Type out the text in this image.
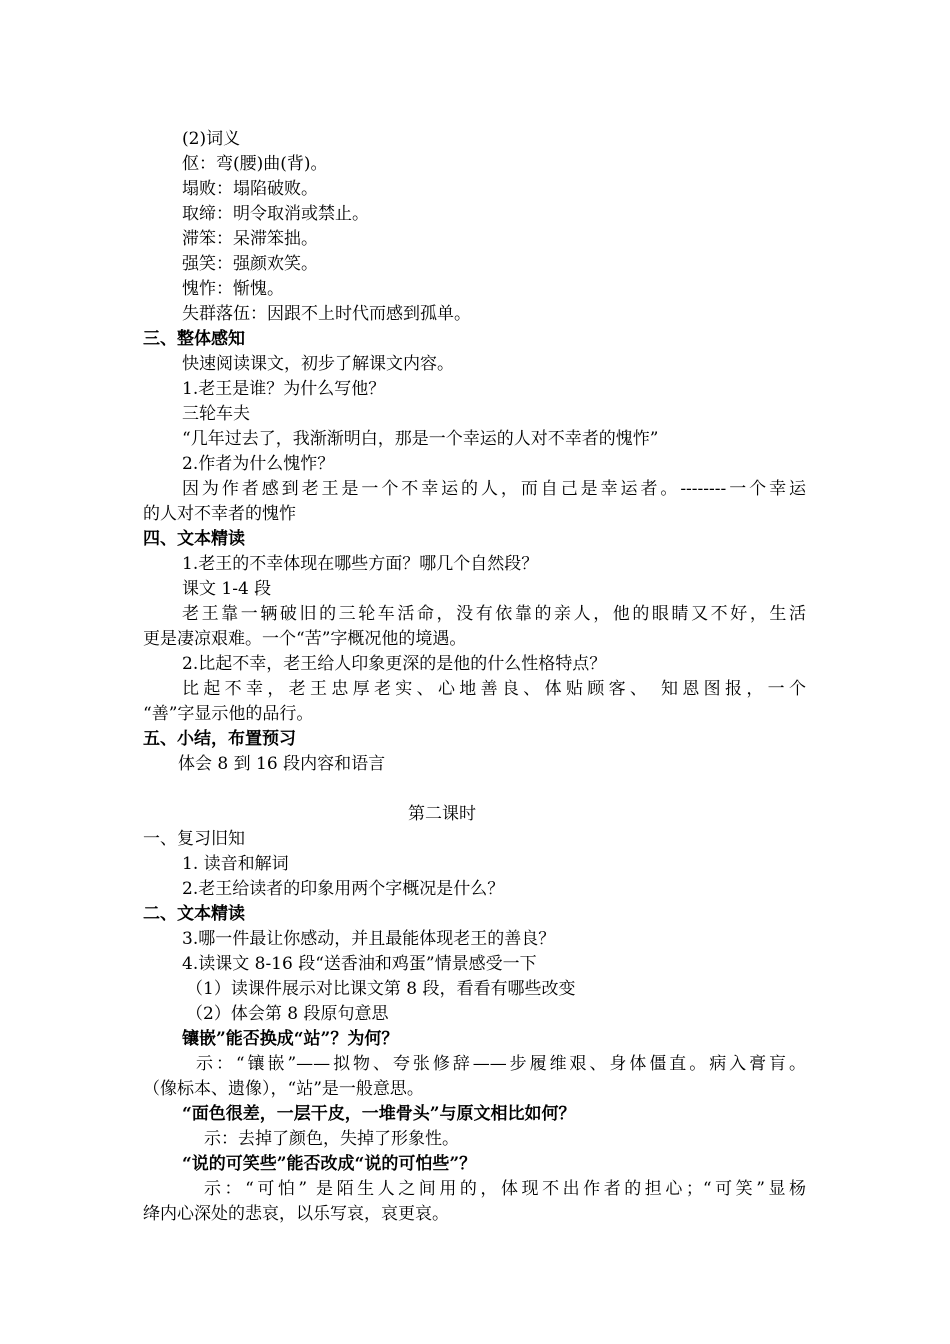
(2)词义
伛：弯(腰)曲(背)。
塌败：塌陷破败。
取缔：明令取消或禁止。
滞笨：呆滞笨拙。
强笑：强颜欢笑。
愧怍：惭愧。
失群落伍：因跟不上时代而感到孤单。
三、整体感知
快速阅读课文，初步了解课文内容。
1.老王是谁？为什么写他？
三轮车夫
“几年过去了，我渐渐明白，那是一个幸运的人对不幸者的愧怍”
2.作者为什么愧怍？
因为作者感到老王是一个不幸运的人，而自己是幸运者。--------一个幸运
的人对不幸者的愧怍
四、文本精读
1.老王的不幸体现在哪些方面？哪几个自然段？
课文 1-4 段
老王靠一辆破旧的三轮车活命，没有依靠的亲人，他的眼睛又不好，生活
更是凄凉艰难。一个“苦”字概况他的境遇。
2.比起不幸，老王给人印象更深的是他的什么性格特点？
比起不幸，老王忠厚老实、心地善良、体贴顾客、 知恩图报，一个
“善”字显示他的品行。
五、小结，布置预习
体会 8 到 16 段内容和语言
第二课时
一、复习旧知
1. 读音和解词
2.老王给读者的印象用两个字概况是什么？
二、文本精读
3.哪一件最让你感动，并且最能体现老王的善良？
4.读课文 8-16 段“送香油和鸡蛋”情景感受一下
（1）读课件展示对比课文第 8 段，看看有哪些改变
（2）体会第 8 段原句意思
镶嵌”能否换成“站”？为何？
示：“镶嵌”——拟物、夸张修辞——步履维艰、身体僵直。病入膏肓。
（像标本、遗像），“站”是一般意思。
“面色很差，一层干皮，一堆骨头”与原文相比如何？
示：去掉了颜色，失掉了形象性。
“说的可笑些”能否改成“说的可怕些”？
示：“可怕” 是陌生人之间用的，体现不出作者的担心；“可笑”显杨
绛内心深处的悲哀，以乐写哀，哀更哀。
